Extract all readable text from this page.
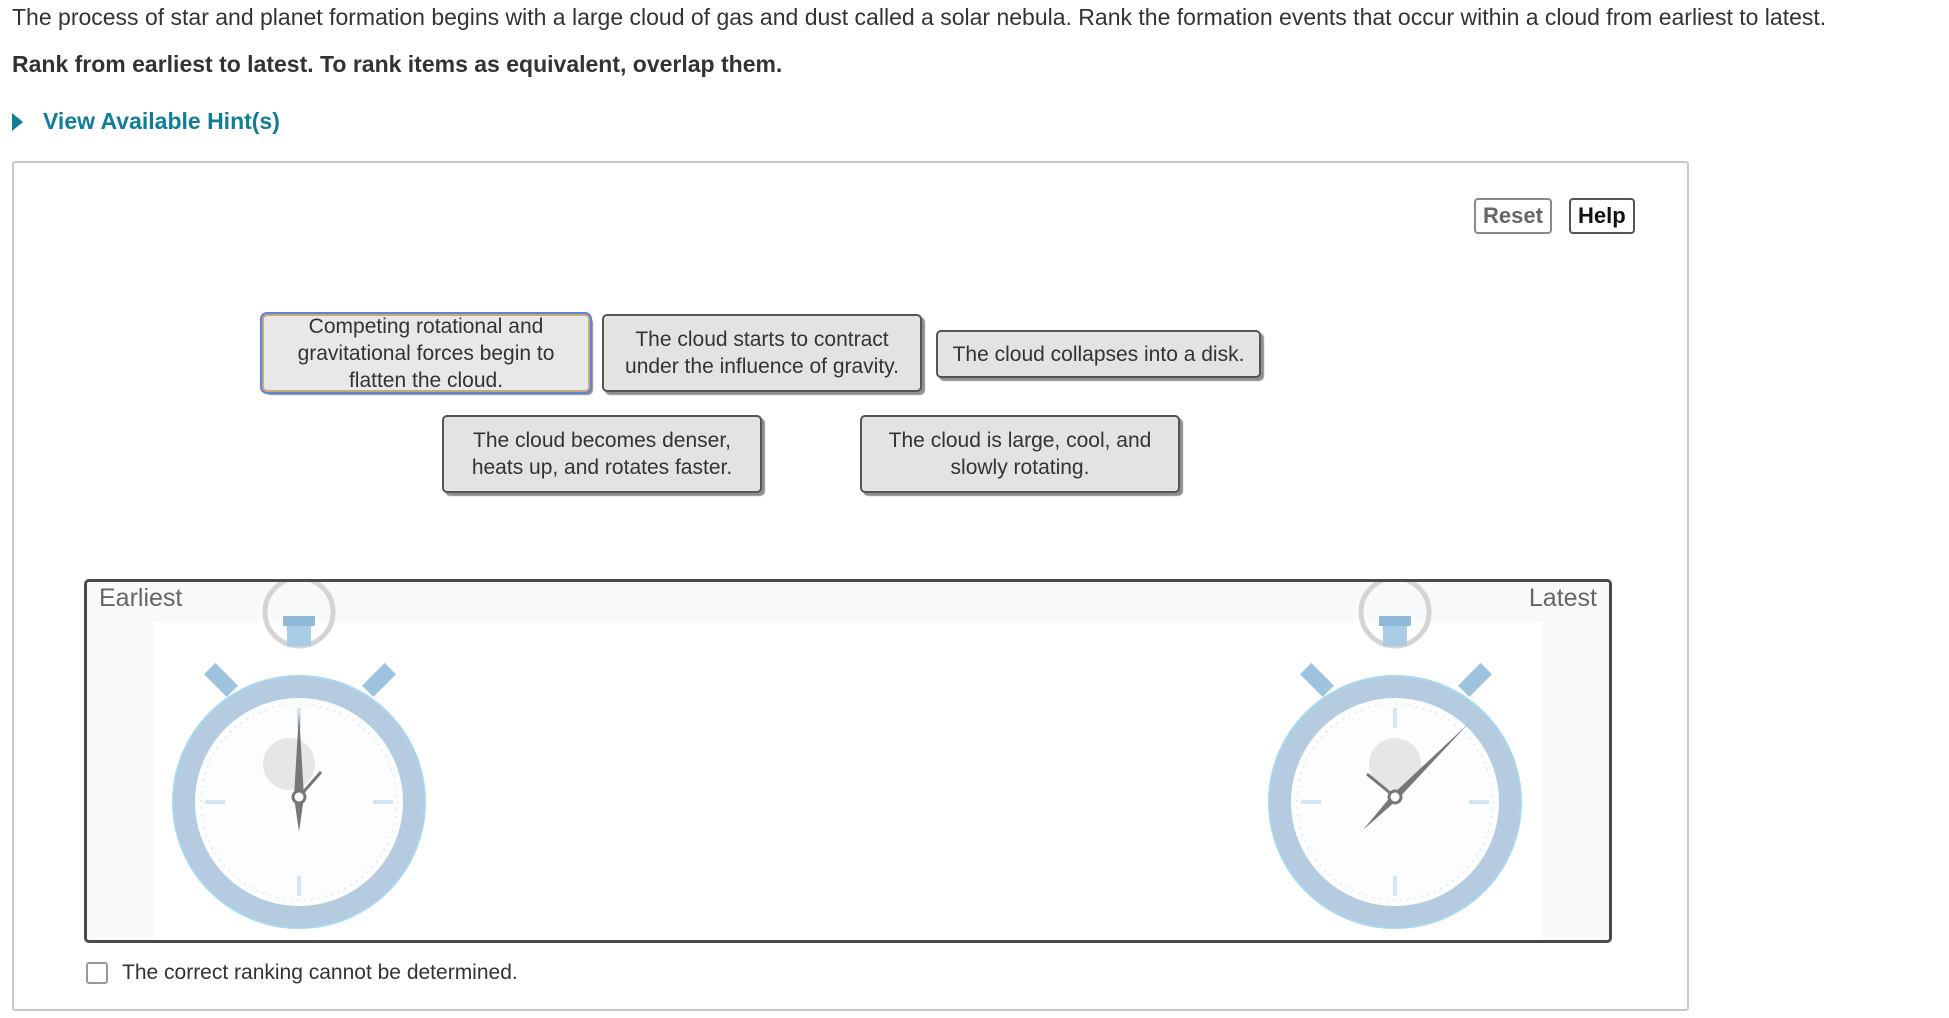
The process of star and planet formation begins with a large cloud of gas and dust called a solar nebula. Rank the formation events that occur within a cloud from earliest to latest.
Rank from earliest to latest. To rank items as equivalent, overlap them.
View Available Hint(s)
Reset	Help
Competing rotational and gravitational forces begin to flatten the cloud.
The cloud starts to contract under the influence of gravity.
The cloud collapses into a disk.
The cloud becomes denser, heats up, and rotates faster.
The cloud is large, cool, and slowly rotating.
Earliest	Latest
The correct ranking cannot be determined.
